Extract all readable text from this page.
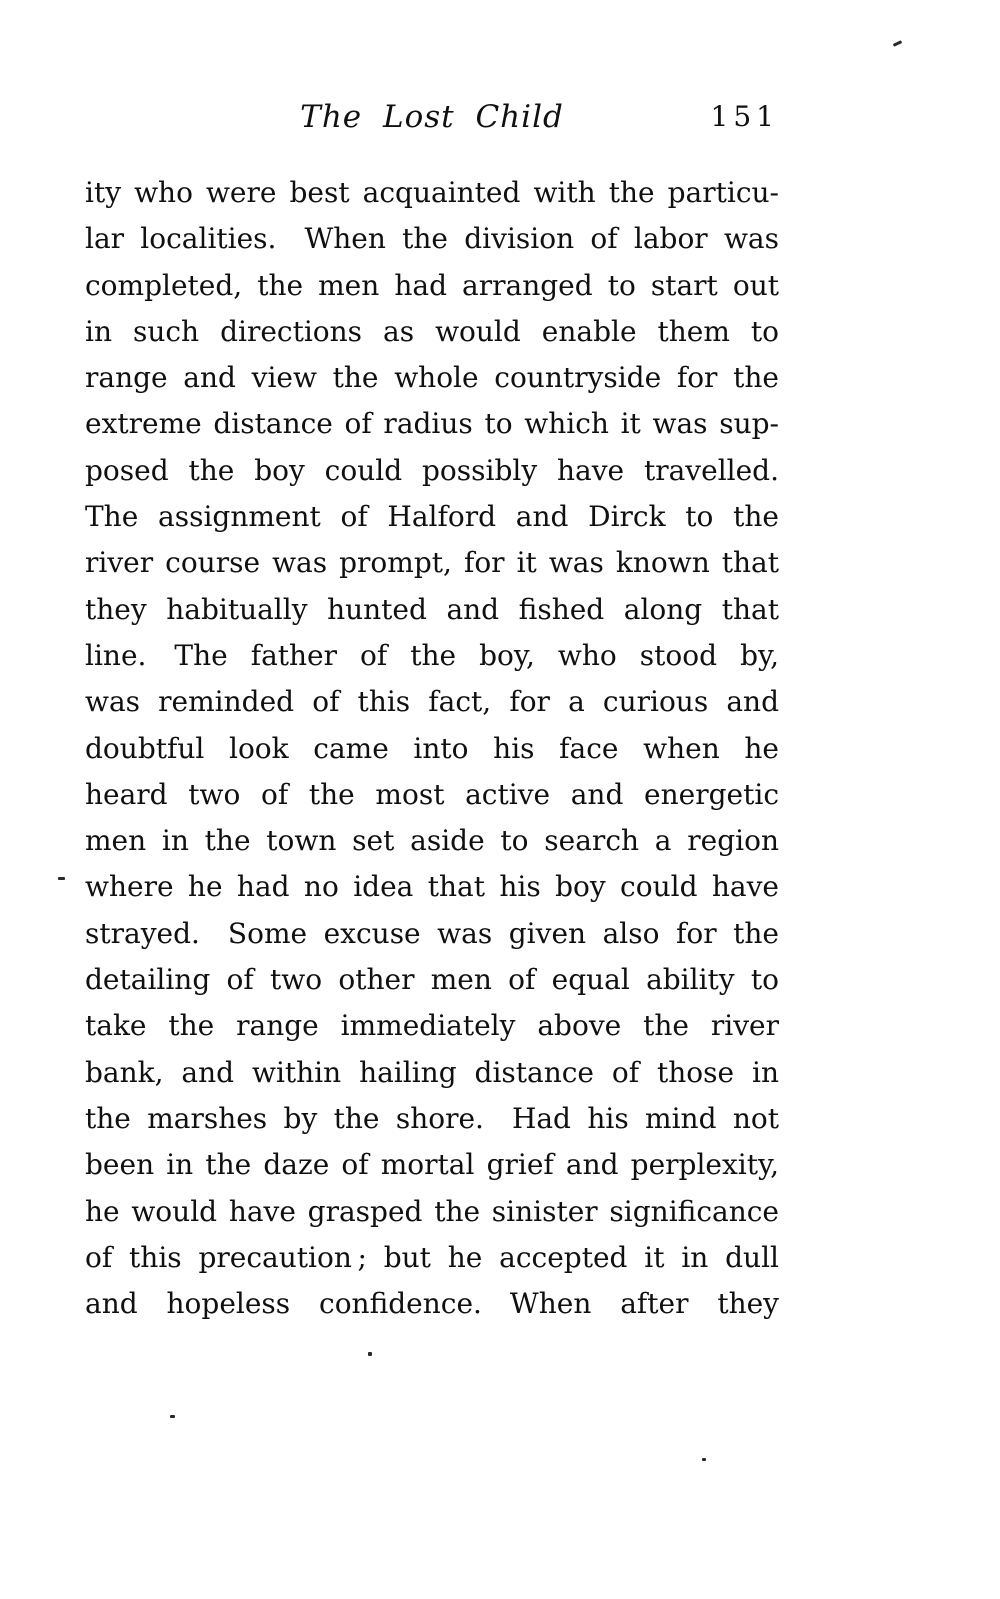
The Lost Child	151
ity who were best acquainted with the particu-
lar localities. When the division of labor was
completed, the men had arranged to start out
in such directions as would enable them to
range and view the whole countryside for the
extreme distance of radius to which it was sup-
posed the boy could possibly have travelled.
The assignment of Halford and Dirck to the
river course was prompt, for it was known that
they habitually hunted and fished along that
line. The father of the boy, who stood by,
was reminded of this fact, for a curious and
doubtful look came into his face when he
heard two of the most active and energetic
men in the town set aside to search a region
where he had no idea that his boy could have
strayed. Some excuse was given also for the
detailing of two other men of equal ability to
take the range immediately above the river
bank, and within hailing distance of those in
the marshes by the shore. Had his mind not
been in the daze of mortal grief and perplexity,
he would have grasped the sinister significance
of this precaution ; but he accepted it in dull
and hopeless confidence. When after they
